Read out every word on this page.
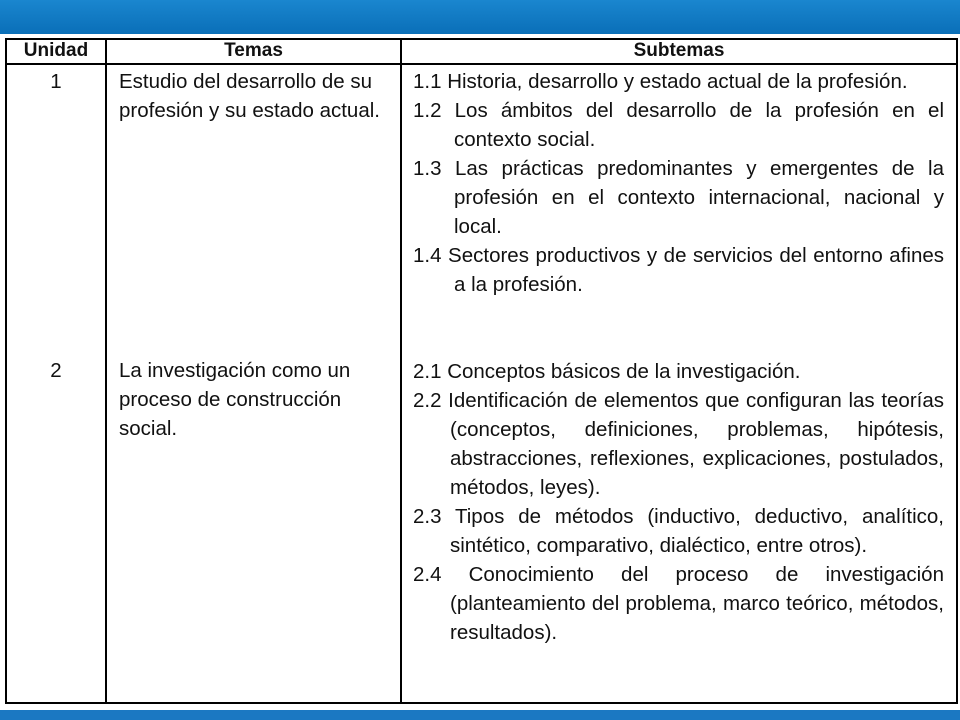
Unidad	Temas	Subtemas
1	Estudio del desarrollo de su profesión y su estado actual.	1.1 Historia, desarrollo y estado actual de la profesión.
1.2 Los ámbitos del desarrollo de la profesión en el contexto social.
1.3 Las prácticas predominantes y emergentes de la profesión en el contexto internacional, nacional y local.
1.4 Sectores productivos y de servicios del entorno afines a la profesión.

2	La investigación como un proceso de construcción social.	2.1 Conceptos básicos de la investigación.
2.2 Identificación de elementos que configuran las teorías (conceptos, definiciones, problemas, hipótesis, abstracciones, reflexiones, explicaciones, postulados, métodos, leyes).
2.3 Tipos de métodos (inductivo, deductivo, analítico, sintético, comparativo, dialéctico, entre otros).
2.4 Conocimiento del proceso de investigación (planteamiento del problema, marco teórico, métodos, resultados).
